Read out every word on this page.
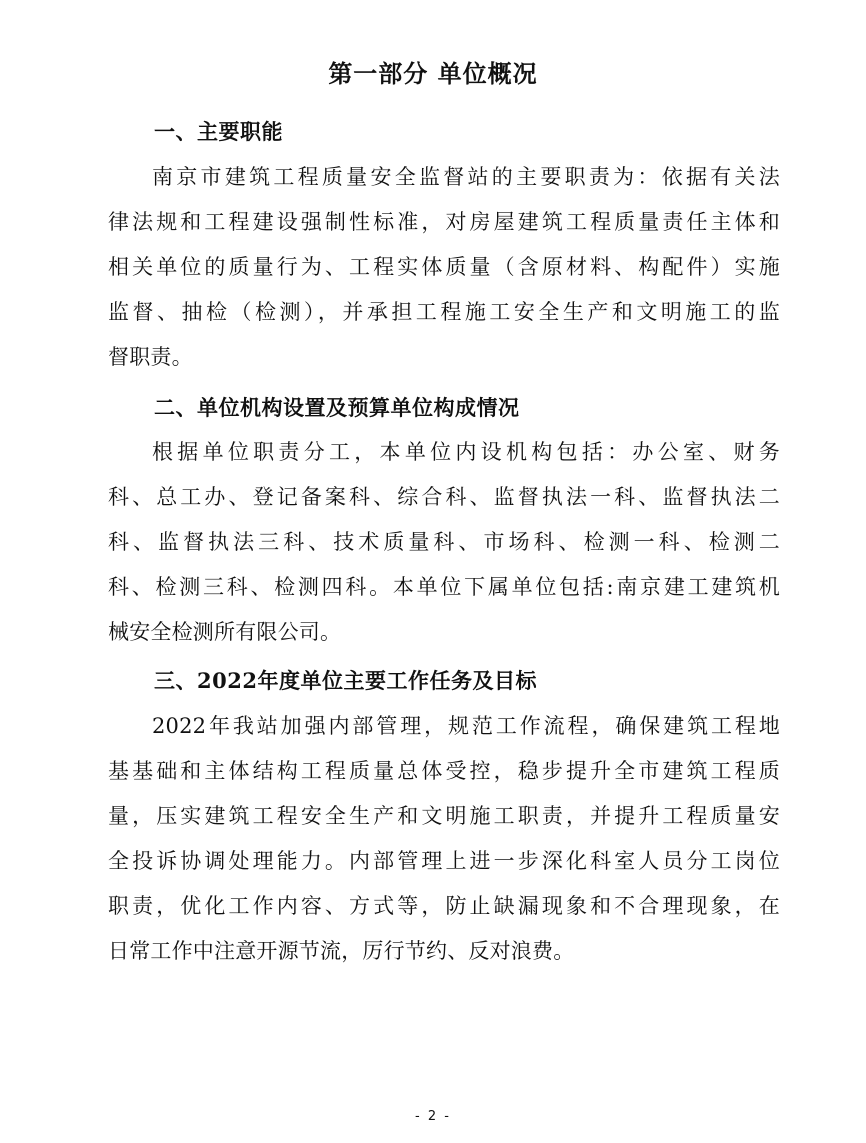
第一部分 单位概况
一、主要职能
南京市建筑工程质量安全监督站的主要职责为：依据有关法
律法规和工程建设强制性标准，对房屋建筑工程质量责任主体和
相关单位的质量行为、工程实体质量（含原材料、构配件）实施
监督、抽检（检测），并承担工程施工安全生产和文明施工的监
督职责。
二、单位机构设置及预算单位构成情况
根据单位职责分工，本单位内设机构包括：办公室、财务
科、总工办、登记备案科、综合科、监督执法一科、监督执法二
科、监督执法三科、技术质量科、市场科、检测一科、检测二
科、检测三科、检测四科。本单位下属单位包括:南京建工建筑机
械安全检测所有限公司。
三、2022年度单位主要工作任务及目标
2022年我站加强内部管理，规范工作流程，确保建筑工程地
基基础和主体结构工程质量总体受控，稳步提升全市建筑工程质
量，压实建筑工程安全生产和文明施工职责，并提升工程质量安
全投诉协调处理能力。内部管理上进一步深化科室人员分工岗位
职责，优化工作内容、方式等，防止缺漏现象和不合理现象，在
日常工作中注意开源节流，厉行节约、反对浪费。
- 2 -
